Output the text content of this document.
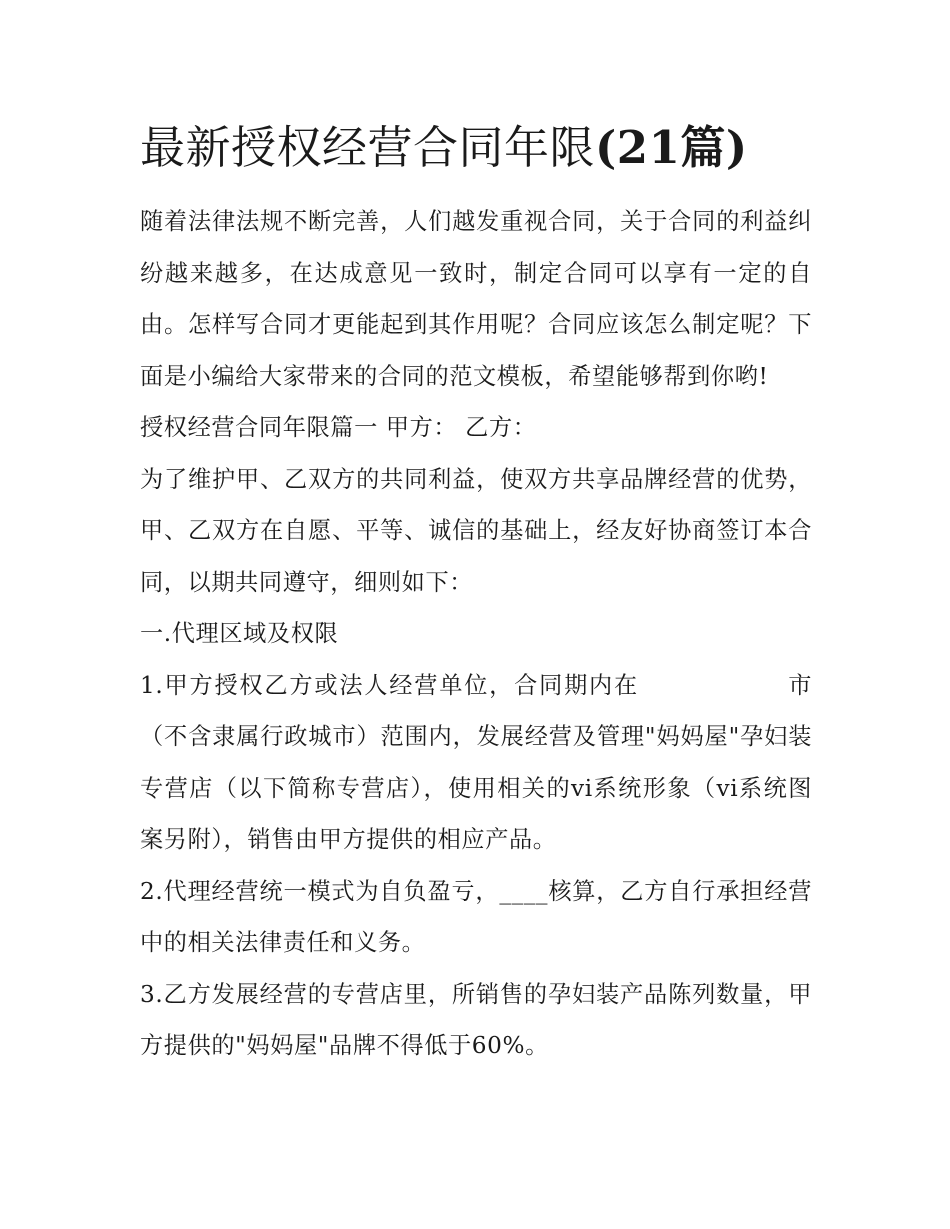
最新授权经营合同年限(21篇)

随着法律法规不断完善，人们越发重视合同，关于合同的利益纠纷越来越多，在达成意见一致时，制定合同可以享有一定的自由。怎样写合同才更能起到其作用呢？合同应该怎么制定呢？下面是小编给大家带来的合同的范文模板，希望能够帮到你哟!

授权经营合同年限篇一 甲方： 乙方：

为了维护甲、乙双方的共同利益，使双方共享品牌经营的优势，甲、乙双方在自愿、平等、诚信的基础上，经友好协商签订本合同，以期共同遵守，细则如下：

一.代理区域及权限

1.甲方授权乙方或法人经营单位，合同期内在	市（不含隶属行政城市）范围内，发展经营及管理"妈妈屋"孕妇装专营店（以下简称专营店），使用相关的vi系统形象（vi系统图案另附），销售由甲方提供的相应产品。

2.代理经营统一模式为自负盈亏，____核算，乙方自行承担经营中的相关法律责任和义务。

3.乙方发展经营的专营店里，所销售的孕妇装产品陈列数量，甲方提供的"妈妈屋"品牌不得低于60%。
